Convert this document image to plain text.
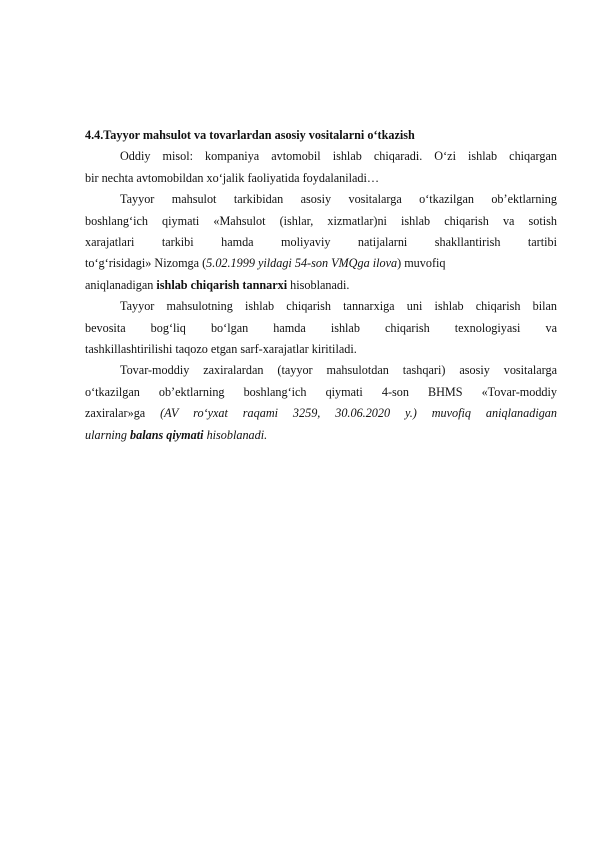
4.4.Tayyor mahsulot va tovarlardan asosiy vositalarni o‘tkazish

Oddiy misol: kompaniya avtomobil ishlab chiqaradi. O‘zi ishlab chiqargan
bir nechta avtomobildan xo‘jalik faoliyatida foydalaniladi…

Tayyor mahsulot tarkibidan asosiy vositalarga o‘tkazilgan ob’ektlarning
boshlang‘ich qiymati «Mahsulot (ishlar, xizmatlar)ni ishlab chiqarish va sotish
xarajatlari tarkibi hamda moliyaviy natijalarni shakllantirish tartibi
to‘g‘risidagi» Nizomga (5.02.1999 yildagi 54-son VMQga ilova) muvofiq
aniqlanadigan ishlab chiqarish tannarxi hisoblanadi.

Tayyor mahsulotning ishlab chiqarish tannarxiga uni ishlab chiqarish bilan
bevosita bog‘liq bo‘lgan hamda ishlab chiqarish texnologiyasi va
tashkillashtirilishi taqozo etgan sarf-xarajatlar kiritiladi.

Tovar-moddiy zaxiralardan (tayyor mahsulotdan tashqari) asosiy vositalarga
o‘tkazilgan ob’ektlarning boshlang‘ich qiymati 4-son BHMS «Tovar-moddiy
zaxiralar»ga (AV ro‘yxat raqami 3259, 30.06.2020 y.) muvofiq aniqlanadigan
ularning balans qiymati hisoblanadi.
